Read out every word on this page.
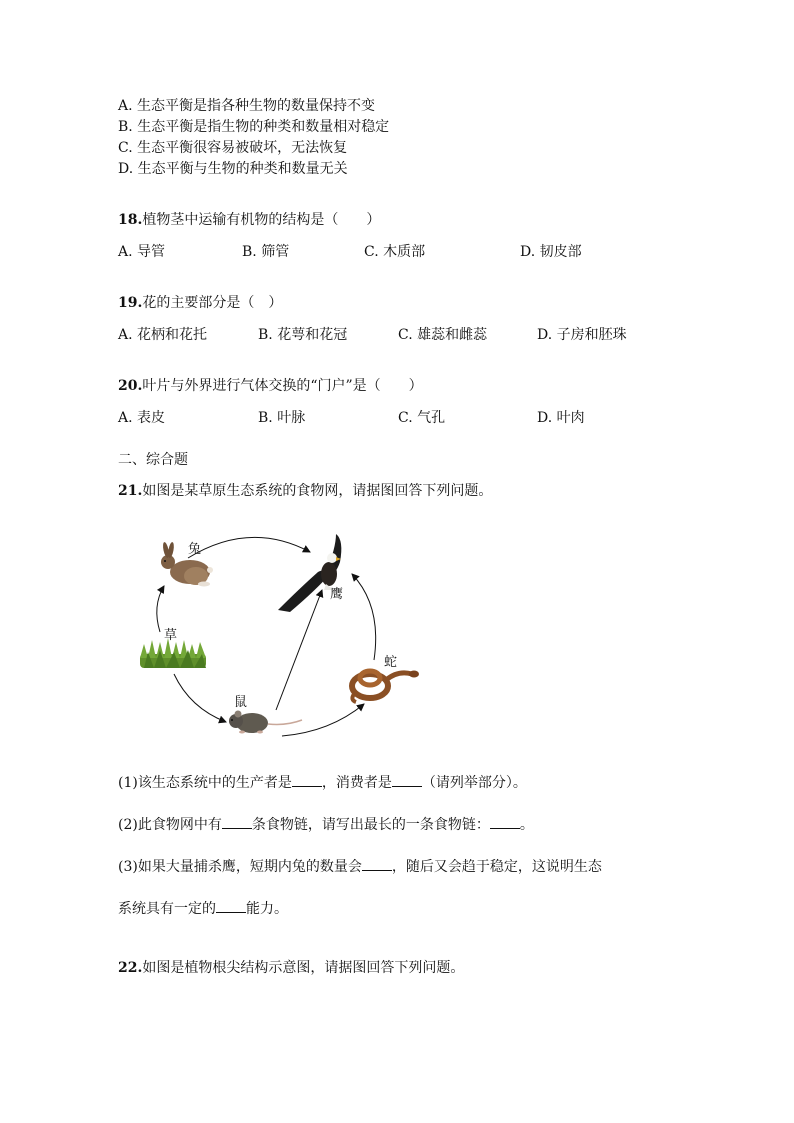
A. 生态平衡是指各种生物的数量保持不变
B. 生态平衡是指生物的种类和数量相对稳定
C. 生态平衡很容易被破坏，无法恢复
D. 生态平衡与生物的种类和数量无关
18.植物茎中运输有机物的结构是（　　）
A. 导管	B. 筛管	C. 木质部	D. 韧皮部
19.花的主要部分是（　）
A. 花柄和花托	B. 花萼和花冠	C. 雄蕊和雌蕊	D. 子房和胚珠
20.叶片与外界进行气体交换的“门户”是（　　）
A. 表皮	B. 叶脉	C. 气孔	D. 叶肉
二、综合题
21.如图是某草原生态系统的食物网，请据图回答下列问题。
兔
鹰
草
蛇
鼠
(1)该生态系统中的生产者是 ，消费者是 （请列举部分）。
(2)此食物网中有 条食物链，请写出最长的一条食物链： 。
(3)如果大量捕杀鹰，短期内兔的数量会 ，随后又会趋于稳定，这说明生态
系统具有一定的 能力。
22.如图是植物根尖结构示意图，请据图回答下列问题。
